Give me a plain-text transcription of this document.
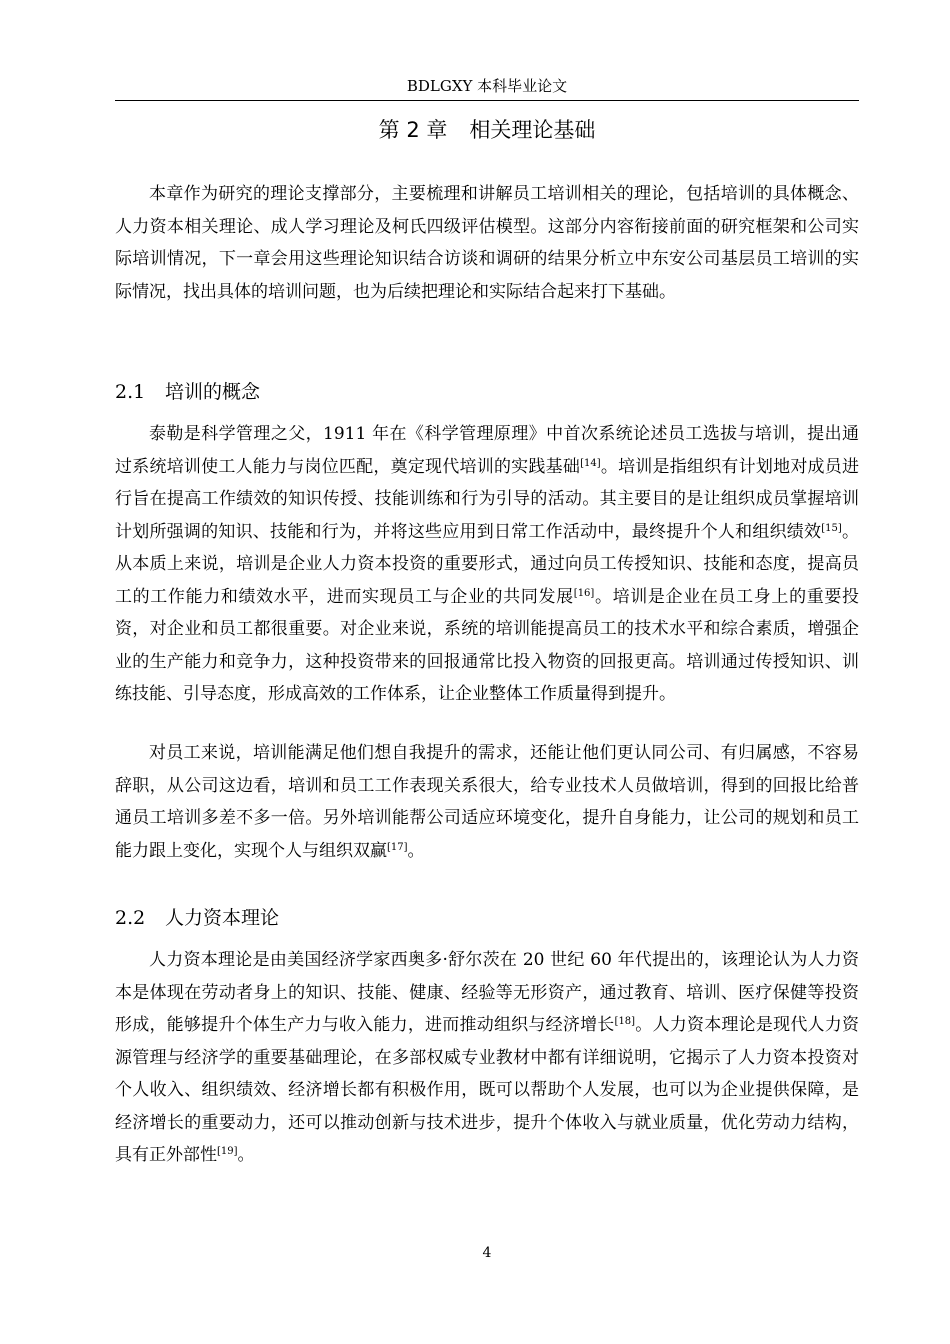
BDLGXY 本科毕业论文
第 2 章 相关理论基础

本章作为研究的理论支撑部分，主要梳理和讲解员工培训相关的理论，包括培训的具体概念、人力资本相关理论、成人学习理论及柯氏四级评估模型。这部分内容衔接前面的研究框架和公司实际培训情况，下一章会用这些理论知识结合访谈和调研的结果分析立中东安公司基层员工培训的实际情况，找出具体的培训问题，也为后续把理论和实际结合起来打下基础。

2.1 培训的概念

泰勒是科学管理之父，1911 年在《科学管理原理》中首次系统论述员工选拔与培训，提出通过系统培训使工人能力与岗位匹配，奠定现代培训的实践基础[14]。培训是指组织有计划地对成员进行旨在提高工作绩效的知识传授、技能训练和行为引导的活动。其主要目的是让组织成员掌握培训计划所强调的知识、技能和行为，并将这些应用到日常工作活动中，最终提升个人和组织绩效[15]。从本质上来说，培训是企业人力资本投资的重要形式，通过向员工传授知识、技能和态度，提高员工的工作能力和绩效水平，进而实现员工与企业的共同发展[16]。培训是企业在员工身上的重要投资，对企业和员工都很重要。对企业来说，系统的培训能提高员工的技术水平和综合素质，增强企业的生产能力和竞争力，这种投资带来的回报通常比投入物资的回报更高。培训通过传授知识、训练技能、引导态度，形成高效的工作体系，让企业整体工作质量得到提升。

对员工来说，培训能满足他们想自我提升的需求，还能让他们更认同公司、有归属感，不容易辞职，从公司这边看，培训和员工工作表现关系很大，给专业技术人员做培训，得到的回报比给普通员工培训多差不多一倍。另外培训能帮公司适应环境变化，提升自身能力，让公司的规划和员工能力跟上变化，实现个人与组织双赢[17]。

2.2 人力资本理论

人力资本理论是由美国经济学家西奥多·舒尔茨在 20 世纪 60 年代提出的，该理论认为人力资本是体现在劳动者身上的知识、技能、健康、经验等无形资产，通过教育、培训、医疗保健等投资形成，能够提升个体生产力与收入能力，进而推动组织与经济增长[18]。人力资本理论是现代人力资源管理与经济学的重要基础理论，在多部权威专业教材中都有详细说明，它揭示了人力资本投资对个人收入、组织绩效、经济增长都有积极作用，既可以帮助个人发展，也可以为企业提供保障，是经济增长的重要动力，还可以推动创新与技术进步，提升个体收入与就业质量，优化劳动力结构，具有正外部性[19]。

4
